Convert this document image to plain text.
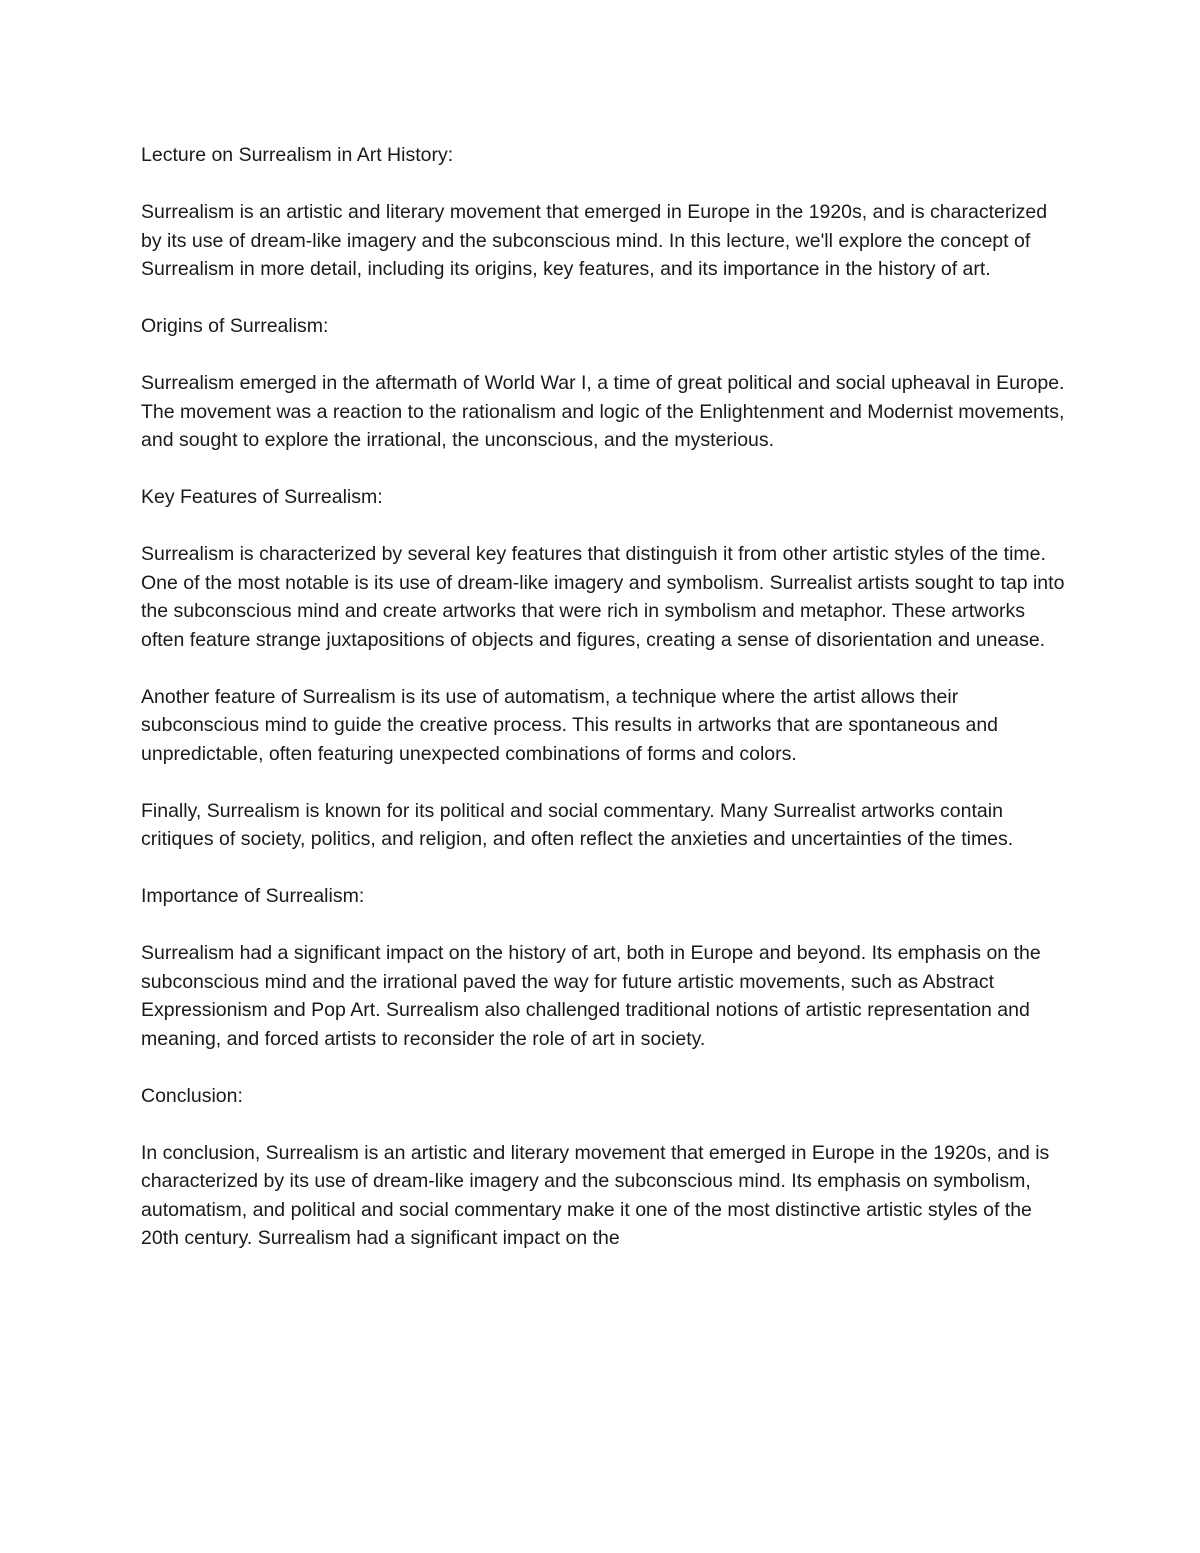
Lecture on Surrealism in Art History:

Surrealism is an artistic and literary movement that emerged in Europe in the 1920s, and is characterized by its use of dream-like imagery and the subconscious mind. In this lecture, we'll explore the concept of Surrealism in more detail, including its origins, key features, and its importance in the history of art.

Origins of Surrealism:

Surrealism emerged in the aftermath of World War I, a time of great political and social upheaval in Europe. The movement was a reaction to the rationalism and logic of the Enlightenment and Modernist movements, and sought to explore the irrational, the unconscious, and the mysterious.

Key Features of Surrealism:

Surrealism is characterized by several key features that distinguish it from other artistic styles of the time. One of the most notable is its use of dream-like imagery and symbolism. Surrealist artists sought to tap into the subconscious mind and create artworks that were rich in symbolism and metaphor. These artworks often feature strange juxtapositions of objects and figures, creating a sense of disorientation and unease.

Another feature of Surrealism is its use of automatism, a technique where the artist allows their subconscious mind to guide the creative process. This results in artworks that are spontaneous and unpredictable, often featuring unexpected combinations of forms and colors.

Finally, Surrealism is known for its political and social commentary. Many Surrealist artworks contain critiques of society, politics, and religion, and often reflect the anxieties and uncertainties of the times.

Importance of Surrealism:

Surrealism had a significant impact on the history of art, both in Europe and beyond. Its emphasis on the subconscious mind and the irrational paved the way for future artistic movements, such as Abstract Expressionism and Pop Art. Surrealism also challenged traditional notions of artistic representation and meaning, and forced artists to reconsider the role of art in society.

Conclusion:

In conclusion, Surrealism is an artistic and literary movement that emerged in Europe in the 1920s, and is characterized by its use of dream-like imagery and the subconscious mind. Its emphasis on symbolism, automatism, and political and social commentary make it one of the most distinctive artistic styles of the 20th century. Surrealism had a significant impact on the
